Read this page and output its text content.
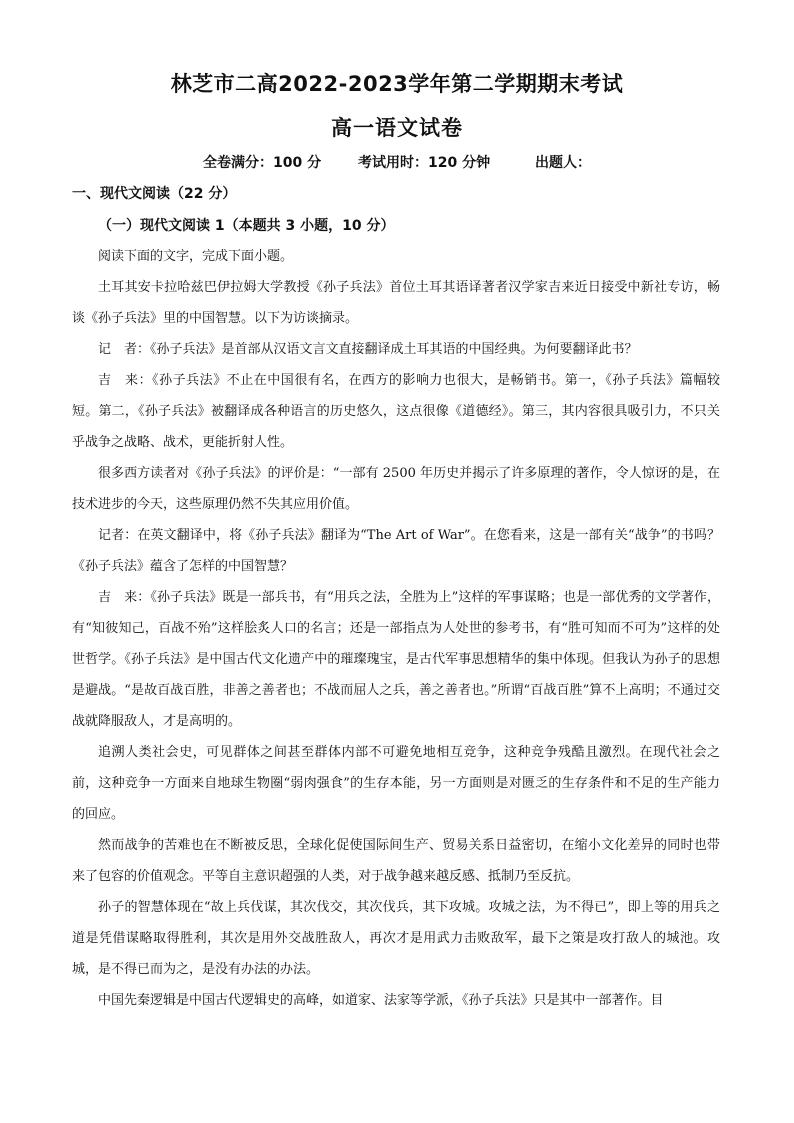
林芝市二高2022-2023学年第二学期期末考试
高一语文试卷
全卷满分：100 分	考试用时：120 分钟	出题人：
一、现代文阅读（22 分）
（一）现代文阅读 1（本题共 3 小题，10 分）

阅读下面的文字，完成下面小题。

土耳其安卡拉哈兹巴伊拉姆大学教授《孙子兵法》首位土耳其语译著者汉学家吉来近日接受中新社专访，畅谈《孙子兵法》里的中国智慧。以下为访谈摘录。

记　者：《孙子兵法》是首部从汉语文言文直接翻译成土耳其语的中国经典。为何要翻译此书？

吉　来：《孙子兵法》不止在中国很有名，在西方的影响力也很大，是畅销书。第一，《孙子兵法》篇幅较短。第二，《孙子兵法》被翻译成各种语言的历史悠久，这点很像《道德经》。第三，其内容很具吸引力，不只关乎战争之战略、战术，更能折射人性。

很多西方读者对《孙子兵法》的评价是：“一部有 2500 年历史并揭示了许多原理的著作，令人惊讶的是，在技术进步的今天，这些原理仍然不失其应用价值。

记者：在英文翻译中，将《孙子兵法》翻译为“The Art of War”。在您看来，这是一部有关“战争”的书吗？《孙子兵法》蕴含了怎样的中国智慧？

吉　来：《孙子兵法》既是一部兵书，有“用兵之法，全胜为上”这样的军事谋略；也是一部优秀的文学著作，有“知彼知己，百战不殆”这样脍炙人口的名言；还是一部指点为人处世的参考书，有“胜可知而不可为”这样的处世哲学。《孙子兵法》是中国古代文化遗产中的璀璨瑰宝，是古代军事思想精华的集中体现。但我认为孙子的思想是避战。“是故百战百胜，非善之善者也；不战而屈人之兵，善之善者也。”所谓“百战百胜”算不上高明；不通过交战就降服敌人，才是高明的。

追溯人类社会史，可见群体之间甚至群体内部不可避免地相互竞争，这种竞争残酷且激烈。在现代社会之前，这种竞争一方面来自地球生物圈“弱肉强食”的生存本能，另一方面则是对匮乏的生存条件和不足的生产能力的回应。

然而战争的苦难也在不断被反思，全球化促使国际间生产、贸易关系日益密切，在缩小文化差异的同时也带来了包容的价值观念。平等自主意识超强的人类，对于战争越来越反感、抵制乃至反抗。

孙子的智慧体现在“故上兵伐谋，其次伐交，其次伐兵，其下攻城。攻城之法，为不得已”，即上等的用兵之道是凭借谋略取得胜利，其次是用外交战胜敌人，再次才是用武力击败敌军，最下之策是攻打敌人的城池。攻城，是不得已而为之，是没有办法的办法。

中国先秦逻辑是中国古代逻辑史的高峰，如道家、法家等学派，《孙子兵法》只是其中一部著作。目
